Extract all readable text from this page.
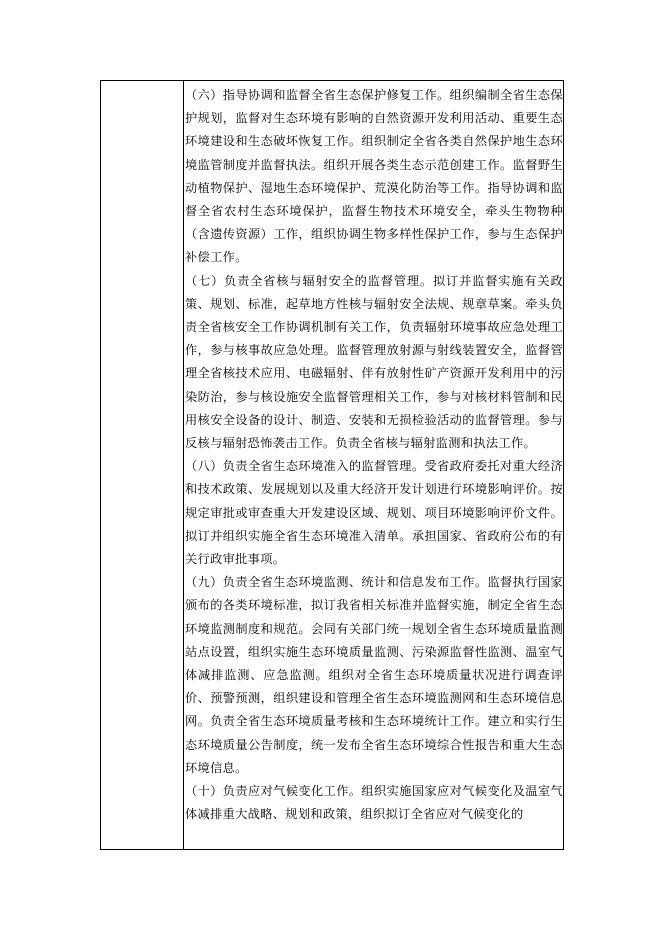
（六）指导协调和监督全省生态保护修复工作。组织编制全省生态保护规划，监督对生态环境有影响的自然资源开发利用活动、重要生态环境建设和生态破坏恢复工作。组织制定全省各类自然保护地生态环境监管制度并监督执法。组织开展各类生态示范创建工作。监督野生动植物保护、湿地生态环境保护、荒漠化防治等工作。指导协调和监督全省农村生态环境保护，监督生物技术环境安全，牵头生物物种（含遗传资源）工作，组织协调生物多样性保护工作，参与生态保护补偿工作。

（七）负责全省核与辐射安全的监督管理。拟订并监督实施有关政策、规划、标准，起草地方性核与辐射安全法规、规章草案。牵头负责全省核安全工作协调机制有关工作，负责辐射环境事故应急处理工作，参与核事故应急处理。监督管理放射源与射线装置安全，监督管理全省核技术应用、电磁辐射、伴有放射性矿产资源开发利用中的污染防治，参与核设施安全监督管理相关工作，参与对核材料管制和民用核安全设备的设计、制造、安装和无损检验活动的监督管理。参与反核与辐射恐怖袭击工作。负责全省核与辐射监测和执法工作。

（八）负责全省生态环境准入的监督管理。受省政府委托对重大经济和技术政策、发展规划以及重大经济开发计划进行环境影响评价。按规定审批或审查重大开发建设区域、规划、项目环境影响评价文件。拟订并组织实施全省生态环境准入清单。承担国家、省政府公布的有关行政审批事项。

（九）负责全省生态环境监测、统计和信息发布工作。监督执行国家颁布的各类环境标准，拟订我省相关标准并监督实施，制定全省生态环境监测制度和规范。会同有关部门统一规划全省生态环境质量监测站点设置，组织实施生态环境质量监测、污染源监督性监测、温室气体减排监测、应急监测。组织对全省生态环境质量状况进行调查评价、预警预测，组织建设和管理全省生态环境监测网和生态环境信息网。负责全省生态环境质量考核和生态环境统计工作。建立和实行生态环境质量公告制度，统一发布全省生态环境综合性报告和重大生态环境信息。

（十）负责应对气候变化工作。组织实施国家应对气候变化及温室气体减排重大战略、规划和政策，组织拟订全省应对气候变化的
